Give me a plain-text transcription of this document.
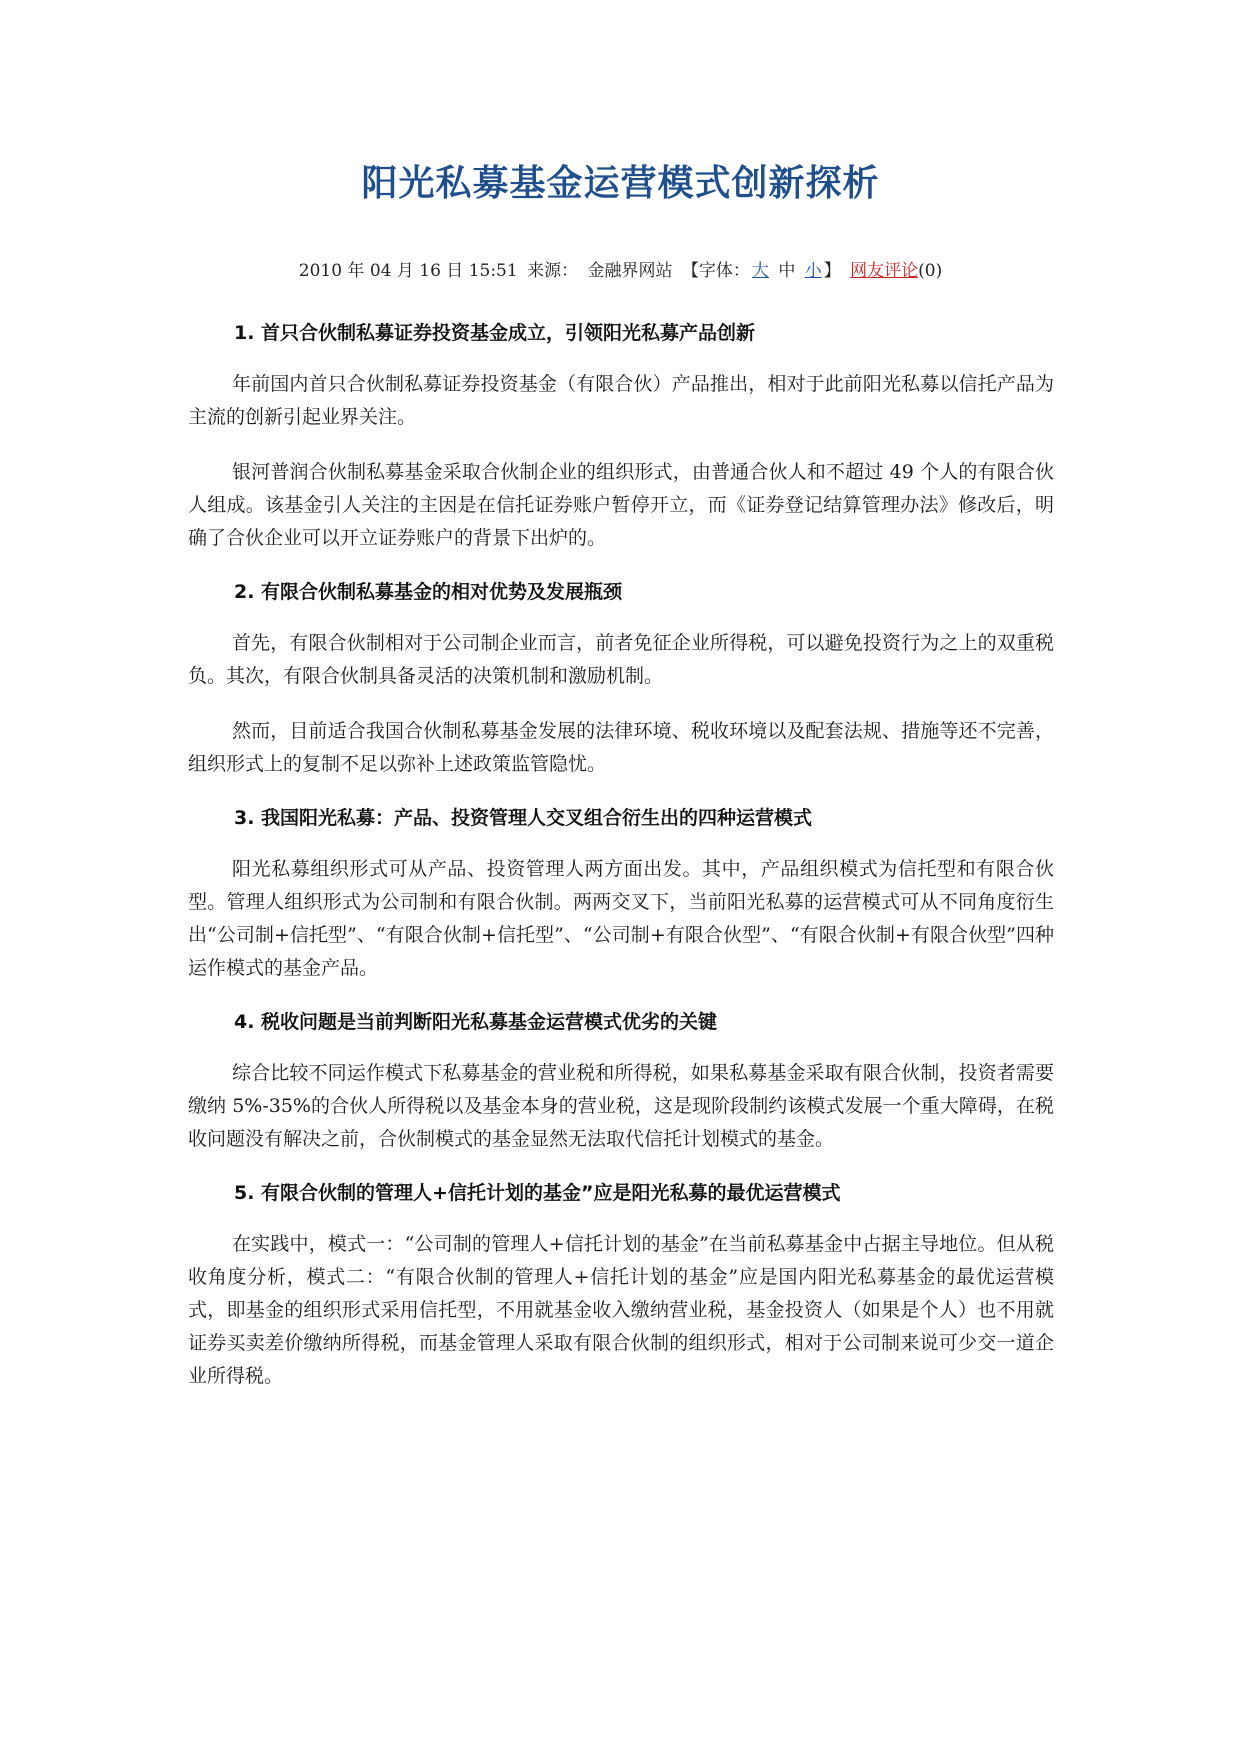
阳光私募基金运营模式创新探析
2010 年 04 月 16 日 15:51 来源： 金融界网站 【字体： 大 中 小 】 网友评论(0)
1. 首只合伙制私募证券投资基金成立，引领阳光私募产品创新

年前国内首只合伙制私募证券投资基金（有限合伙）产品推出，相对于此前阳光私募以信托产品为主流的创新引起业界关注。

银河普润合伙制私募基金采取合伙制企业的组织形式，由普通合伙人和不超过 49 个人的有限合伙人组成。该基金引人关注的主因是在信托证券账户暂停开立，而《证券登记结算管理办法》修改后，明确了合伙企业可以开立证券账户的背景下出炉的。

2. 有限合伙制私募基金的相对优势及发展瓶颈

首先，有限合伙制相对于公司制企业而言，前者免征企业所得税，可以避免投资行为之上的双重税负。其次，有限合伙制具备灵活的决策机制和激励机制。

然而，目前适合我国合伙制私募基金发展的法律环境、税收环境以及配套法规、措施等还不完善，组织形式上的复制不足以弥补上述政策监管隐忧。

3. 我国阳光私募：产品、投资管理人交叉组合衍生出的四种运营模式

阳光私募组织形式可从产品、投资管理人两方面出发。其中，产品组织模式为信托型和有限合伙型。管理人组织形式为公司制和有限合伙制。两两交叉下，当前阳光私募的运营模式可从不同角度衍生出“公司制+信托型”、“有限合伙制+信托型”、“公司制+有限合伙型”、“有限合伙制+有限合伙型”四种运作模式的基金产品。

4. 税收问题是当前判断阳光私募基金运营模式优劣的关键

综合比较不同运作模式下私募基金的营业税和所得税，如果私募基金采取有限合伙制，投资者需要缴纳 5%-35%的合伙人所得税以及基金本身的营业税，这是现阶段制约该模式发展一个重大障碍，在税收问题没有解决之前，合伙制模式的基金显然无法取代信托计划模式的基金。

5. 有限合伙制的管理人+信托计划的基金”应是阳光私募的最优运营模式

在实践中，模式一：“公司制的管理人+信托计划的基金”在当前私募基金中占据主导地位。但从税收角度分析，模式二：“有限合伙制的管理人+信托计划的基金”应是国内阳光私募基金的最优运营模式，即基金的组织形式采用信托型，不用就基金收入缴纳营业税，基金投资人（如果是个人）也不用就证券买卖差价缴纳所得税，而基金管理人采取有限合伙制的组织形式，相对于公司制来说可少交一道企业所得税。
